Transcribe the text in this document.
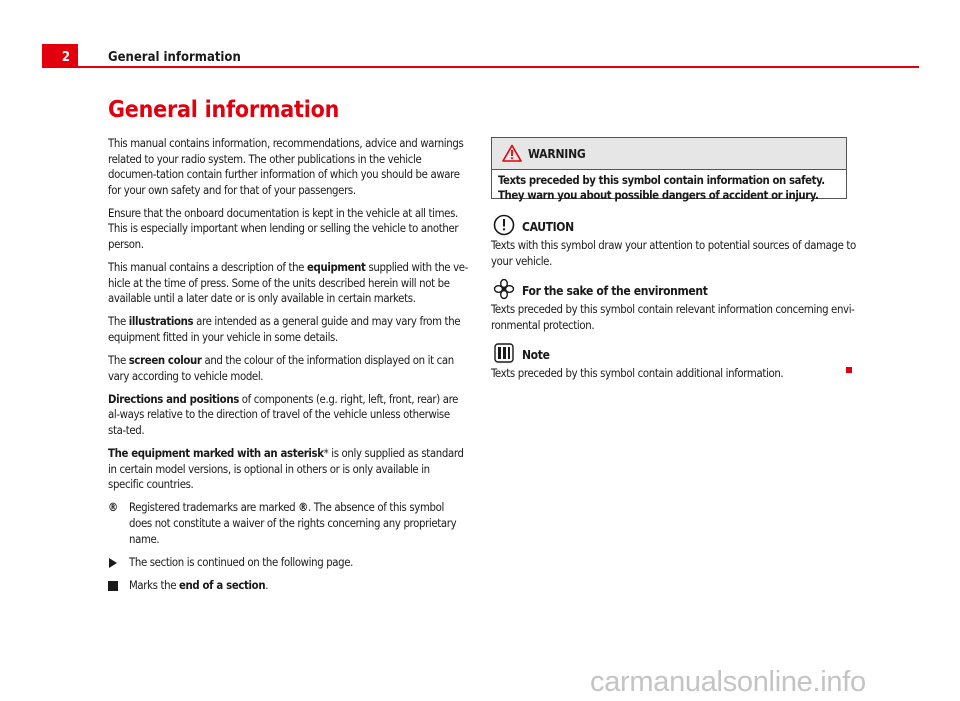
2	General information
General information

This manual contains information, recommendations, advice and warnings related to your radio system. The other publications in the vehicle documen-tation contain further information of which you should be aware for your own safety and for that of your passengers.

Ensure that the onboard documentation is kept in the vehicle at all times. This is especially important when lending or selling the vehicle to another person.

This manual contains a description of the equipment supplied with the ve-hicle at the time of press. Some of the units described herein will not be available until a later date or is only available in certain markets.

The illustrations are intended as a general guide and may vary from the equipment fitted in your vehicle in some details.

The screen colour and the colour of the information displayed on it can vary according to vehicle model.

Directions and positions of components (e.g. right, left, front, rear) are al-ways relative to the direction of travel of the vehicle unless otherwise sta-ted.

The equipment marked with an asterisk* is only supplied as standard in certain model versions, is optional in others or is only available in specific countries.

® Registered trademarks are marked ®. The absence of this symbol does not constitute a waiver of the rights concerning any proprietary name.
The section is continued on the following page.
Marks the end of a section.
WARNING
Texts preceded by this symbol contain information on safety. They warn you about possible dangers of accident or injury.
CAUTION

Texts with this symbol draw your attention to potential sources of damage to your vehicle.

For the sake of the environment

Texts preceded by this symbol contain relevant information concerning envi-ronmental protection.

Note

Texts preceded by this symbol contain additional information.

carmanualsonline.info
